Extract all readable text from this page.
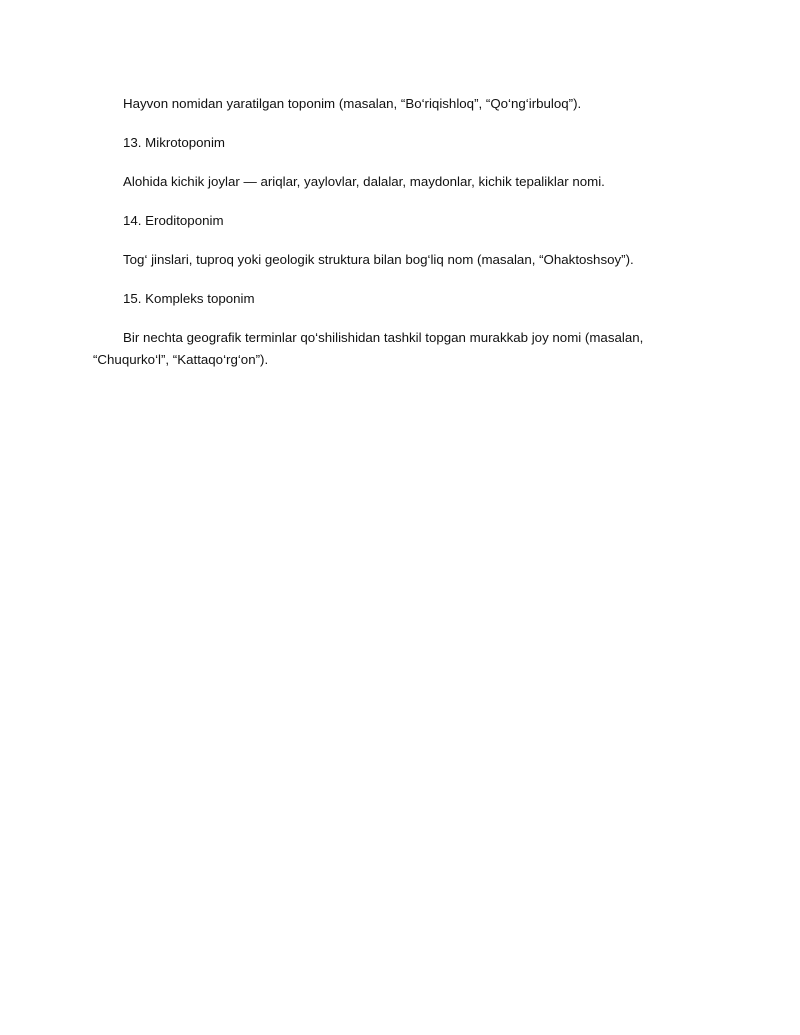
Hayvon nomidan yaratilgan toponim (masalan, “Bo‘riqishloq”, “Qo‘ng‘irbuloq”).

13. Mikrotoponim

Alohida kichik joylar — ariqlar, yaylovlar, dalalar, maydonlar, kichik tepaliklar nomi.

14. Eroditoponim

Tog‘ jinslari, tuproq yoki geologik struktura bilan bog‘liq nom (masalan, “Ohaktoshsoy”).

15. Kompleks toponim

Bir nechta geografik terminlar qo‘shilishidan tashkil topgan murakkab joy nomi (masalan, “Chuqurko‘l”, “Kattaqo‘rg‘on”).
